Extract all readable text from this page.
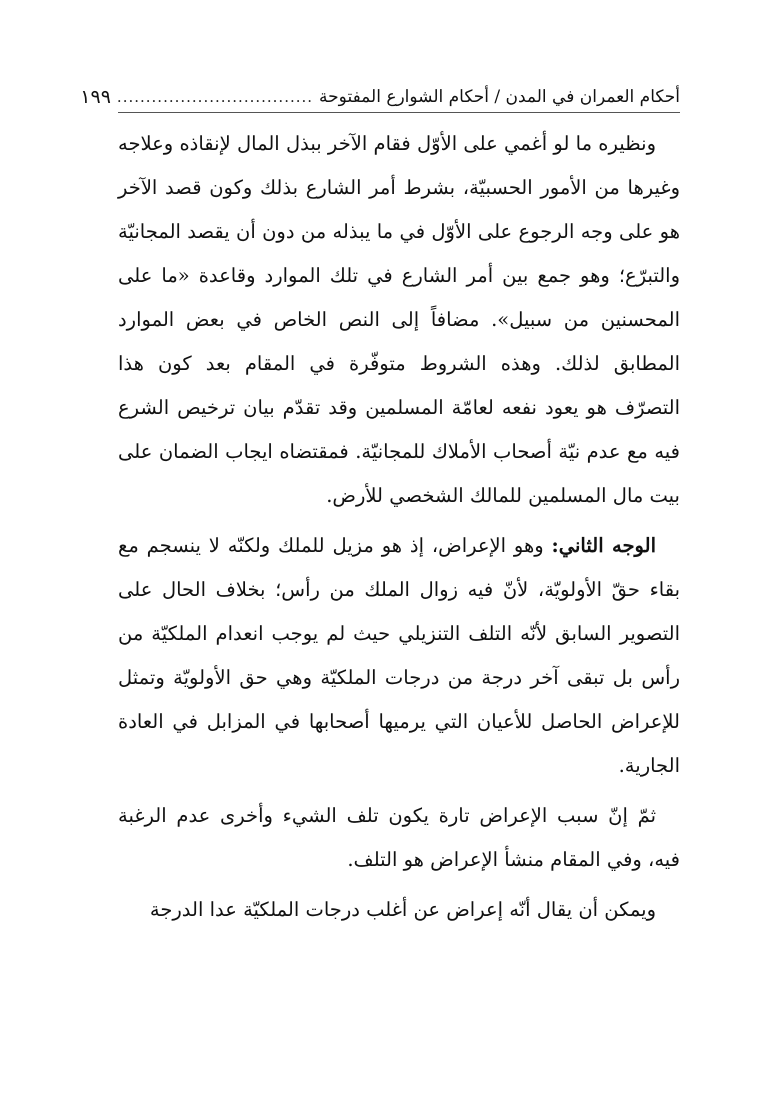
أحكام العمران في المدن / أحكام الشوارع المفتوحة
..................................
١٩٩

ونظيره ما لو أغمي على الأوّل فقام الآخر ببذل المال لإنقاذه وعلاجه وغيرها من الأمور الحسبيّة، بشرط أمر الشارع بذلك وكون قصد الآخر هو على وجه الرجوع على الأوّل في ما يبذله من دون أن يقصد المجانيّة والتبرّع؛ وهو جمع بين أمر الشارع في تلك الموارد وقاعدة «ما على المحسنين من سبيل». مضافاً إلى النص الخاص في بعض الموارد المطابق لذلك. وهذه الشروط متوفّرة في المقام بعد كون هذا التصرّف هو يعود نفعه لعامّة المسلمين وقد تقدّم بيان ترخيص الشرع فيه مع عدم نيّة أصحاب الأملاك للمجانيّة. فمقتضاه ايجاب الضمان على بيت مال المسلمين للمالك الشخصي للأرض.

الوجه الثاني: وهو الإعراض، إذ هو مزيل للملك ولكنّه لا ينسجم مع بقاء حقّ الأولويّة، لأنّ فيه زوال الملك من رأس؛ بخلاف الحال على التصوير السابق لأنّه التلف التنزيلي حيث لم يوجب انعدام الملكيّة من رأس بل تبقى آخر درجة من درجات الملكيّة وهي حق الأولويّة وتمثل للإعراض الحاصل للأعيان التي يرميها أصحابها في المزابل في العادة الجارية.

ثمّ إنّ سبب الإعراض تارة يكون تلف الشيء وأخرى عدم الرغبة فيه، وفي المقام منشأ الإعراض هو التلف.

ويمكن أن يقال أنّه إعراض عن أغلب درجات الملكيّة عدا الدرجة
